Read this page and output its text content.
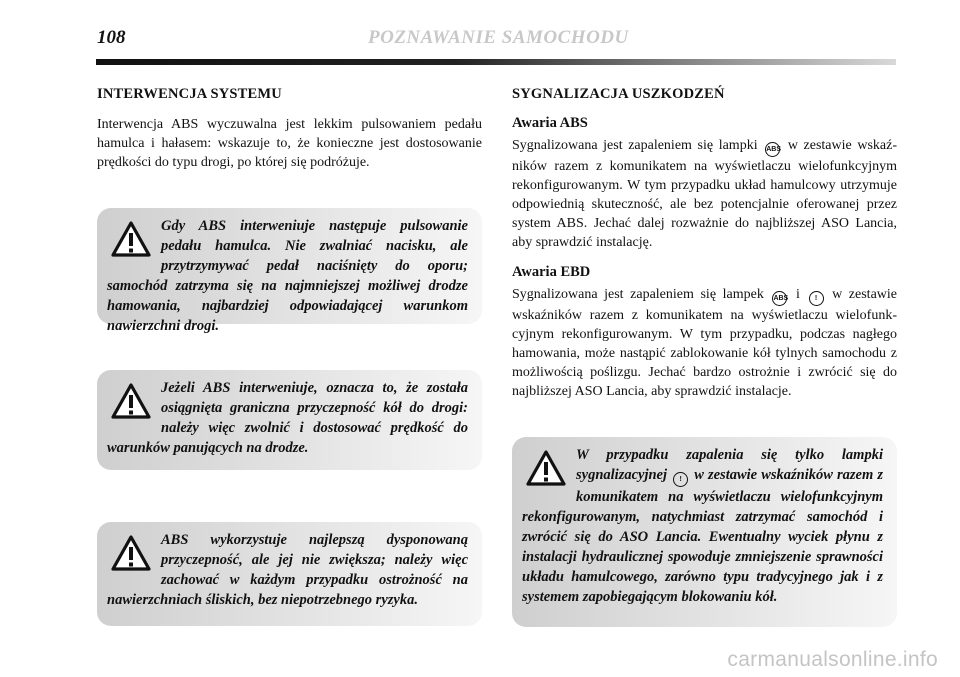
108	POZNAWANIE SAMOCHODU
INTERWENCJA SYSTEMU

Interwencja ABS wyczuwalna jest lekkim pulsowaniem pedału hamulca i hałasem: wskazuje to, że konieczne jest dostosowanie prędkości do typu drogi, po której się podróżuje.

Gdy ABS interweniuje następuje pulsowanie pedału hamulca. Nie zwalniać nacisku, ale przytrzymywać pedał naciśnięty do oporu; samochód zatrzyma się na najmniejszej możliwej drodze hamowania, najbardziej odpowiadającej warunkom nawierzchni drogi.

Jeżeli ABS interweniuje, oznacza to, że została osiągnięta graniczna przyczepność kół do drogi: należy więc zwolnić i dostosować prędkość do warunków panujących na drodze.

ABS wykorzystuje najlepszą dysponowaną przyczepność, ale jej nie zwiększa; należy więc zachować w każdym przypadku ostrożność na nawierzchniach śliskich, bez niepotrzebnego ryzyka.

SYGNALIZACJA USZKODZEŃ
Awaria ABS

Sygnalizowana jest zapaleniem się lampki ABS w zestawie wskaźników razem z komunikatem na wyświetlaczu wielofunkcyjnym rekonfigurowanym. W tym przypadku układ hamulcowy utrzymuje odpowiednią skuteczność, ale bez potencjalnie oferowanej przez system ABS. Jechać dalej rozważnie do najbliższej ASO Lancia, aby sprawdzić instalację.

Awaria EBD

Sygnalizowana jest zapaleniem się lampek ABS i ! w zestawie wskaźników razem z komunikatem na wyświetlaczu wielofunkcyjnym rekonfigurowanym. W tym przypadku, podczas nagłego hamowania, może nastąpić zablokowanie kół tylnych samochodu z możliwością poślizgu. Jechać bardzo ostrożnie i zwrócić się do najbliższej ASO Lancia, aby sprawdzić instalacje.

W przypadku zapalenia się tylko lampki sygnalizacyjnej ! w zestawie wskaźników razem z komunikatem na wyświetlaczu wielofunkcyjnym rekonfigurowanym, natychmiast zatrzymać samochód i zwrócić się do ASO Lancia. Ewentualny wyciek płynu z instalacji hydraulicznej spowoduje zmniejszenie sprawności układu hamulcowego, zarówno typu tradycyjnego jak i z systemem zapobiegającym blokowaniu kół.

carmanualsonline.info
